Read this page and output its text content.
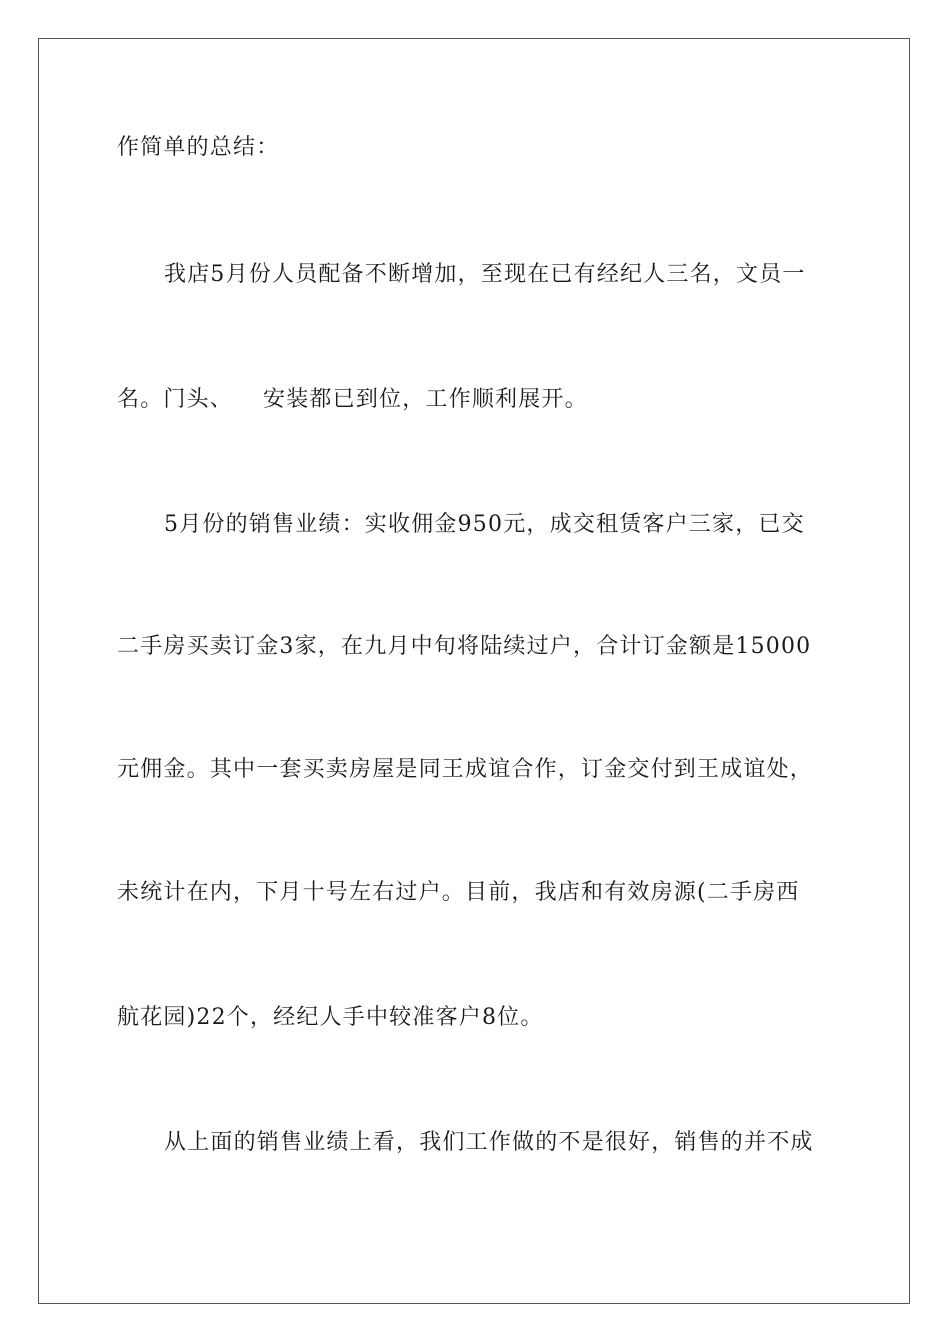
作简单的总结：
我店5月份人员配备不断增加，至现在已有经纪人三名，文员一
名。门头、 安装都已到位，工作顺利展开。
5月份的销售业绩：实收佣金950元，成交租赁客户三家，已交
二手房买卖订金3家，在九月中旬将陆续过户，合计订金额是15000
元佣金。其中一套买卖房屋是同王成谊合作，订金交付到王成谊处，
未统计在内，下月十号左右过户。目前，我店和有效房源(二手房西
航花园)22个，经纪人手中较准客户8位。
从上面的销售业绩上看，我们工作做的不是很好，销售的并不成
